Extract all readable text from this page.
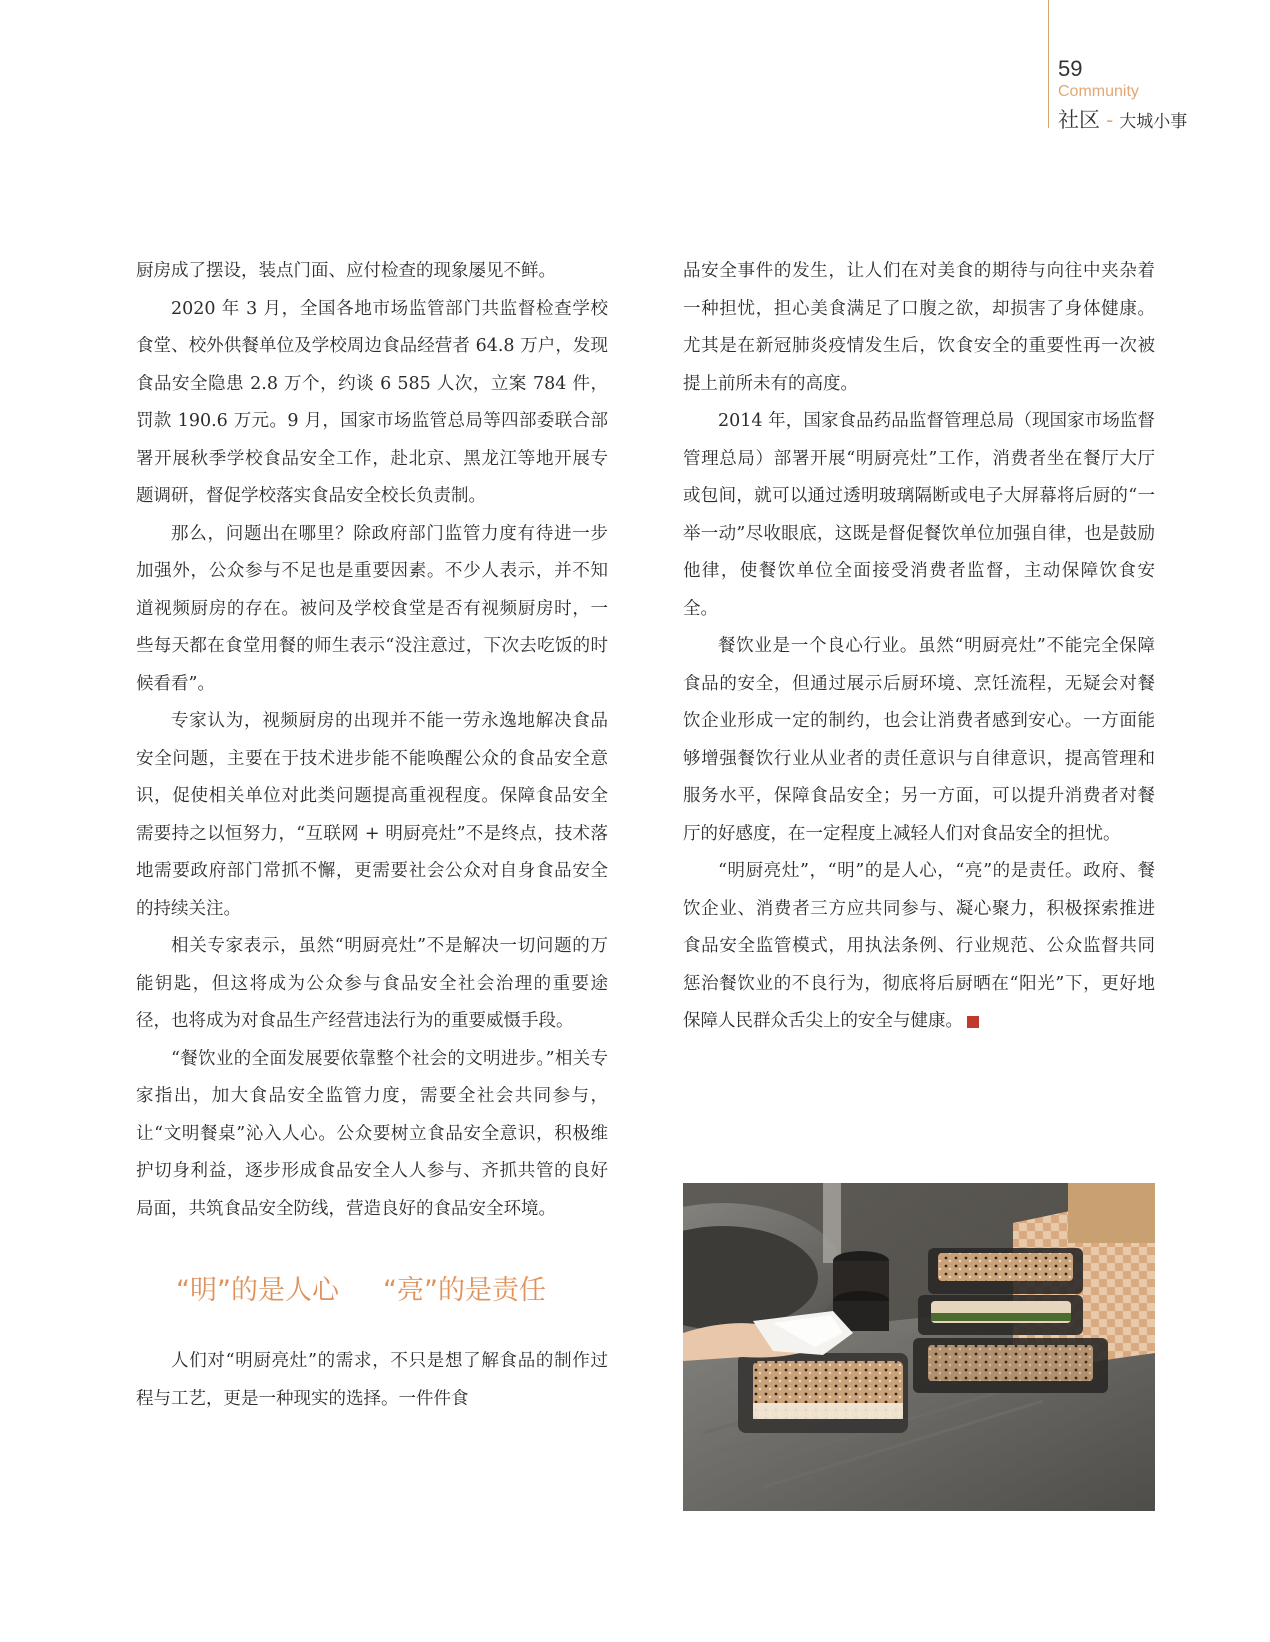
59
Community
社区 - 大城小事

厨房成了摆设，装点门面、应付检查的现象屡见不鲜。

2020 年 3 月，全国各地市场监管部门共监督检查学校食堂、校外供餐单位及学校周边食品经营者 64.8 万户，发现食品安全隐患 2.8 万个，约谈 6 585 人次，立案 784 件，罚款 190.6 万元。9 月，国家市场监管总局等四部委联合部署开展秋季学校食品安全工作，赴北京、黑龙江等地开展专题调研，督促学校落实食品安全校长负责制。

那么，问题出在哪里？除政府部门监管力度有待进一步加强外，公众参与不足也是重要因素。不少人表示，并不知道视频厨房的存在。被问及学校食堂是否有视频厨房时，一些每天都在食堂用餐的师生表示“没注意过，下次去吃饭的时候看看”。

专家认为，视频厨房的出现并不能一劳永逸地解决食品安全问题，主要在于技术进步能不能唤醒公众的食品安全意识，促使相关单位对此类问题提高重视程度。保障食品安全需要持之以恒努力，“互联网 + 明厨亮灶”不是终点，技术落地需要政府部门常抓不懈，更需要社会公众对自身食品安全的持续关注。

相关专家表示，虽然“明厨亮灶”不是解决一切问题的万能钥匙，但这将成为公众参与食品安全社会治理的重要途径，也将成为对食品生产经营违法行为的重要威慑手段。

“餐饮业的全面发展要依靠整个社会的文明进步。”相关专家指出，加大食品安全监管力度，需要全社会共同参与，让“文明餐桌”沁入人心。公众要树立食品安全意识，积极维护切身利益，逐步形成食品安全人人参与、齐抓共管的良好局面，共筑食品安全防线，营造良好的食品安全环境。

“明”的是人心 “亮”的是责任

人们对“明厨亮灶”的需求，不只是想了解食品的制作过程与工艺，更是一种现实的选择。一件件食

品安全事件的发生，让人们在对美食的期待与向往中夹杂着一种担忧，担心美食满足了口腹之欲，却损害了身体健康。尤其是在新冠肺炎疫情发生后，饮食安全的重要性再一次被提上前所未有的高度。

2014 年，国家食品药品监督管理总局（现国家市场监督管理总局）部署开展“明厨亮灶”工作，消费者坐在餐厅大厅或包间，就可以通过透明玻璃隔断或电子大屏幕将后厨的“一举一动”尽收眼底，这既是督促餐饮单位加强自律，也是鼓励他律，使餐饮单位全面接受消费者监督，主动保障饮食安全。

餐饮业是一个良心行业。虽然“明厨亮灶”不能完全保障食品的安全，但通过展示后厨环境、烹饪流程，无疑会对餐饮企业形成一定的制约，也会让消费者感到安心。一方面能够增强餐饮行业从业者的责任意识与自律意识，提高管理和服务水平，保障食品安全；另一方面，可以提升消费者对餐厅的好感度，在一定程度上减轻人们对食品安全的担忧。

“明厨亮灶”，“明”的是人心，“亮”的是责任。政府、餐饮企业、消费者三方应共同参与、凝心聚力，积极探索推进食品安全监管模式，用执法条例、行业规范、公众监督共同惩治餐饮业的不良行为，彻底将后厨晒在“阳光”下，更好地保障人民群众舌尖上的安全与健康。	S
